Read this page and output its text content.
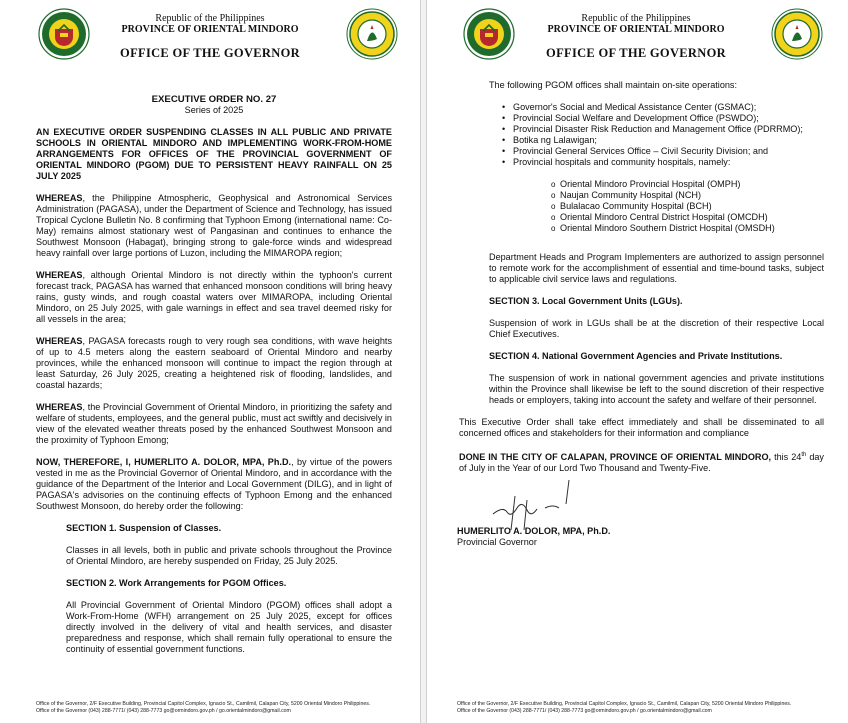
Republic of the Philippines
PROVINCE OF ORIENTAL MINDORO
OFFICE OF THE GOVERNOR

EXECUTIVE ORDER NO. 27

Series of 2025

AN EXECUTIVE ORDER SUSPENDING CLASSES IN ALL PUBLIC AND PRIVATE SCHOOLS IN ORIENTAL MINDORO AND IMPLEMENTING WORK-FROM-HOME ARRANGEMENTS FOR OFFICES OF THE PROVINCIAL GOVERNMENT OF ORIENTAL MINDORO (PGOM) DUE TO PERSISTENT HEAVY RAINFALL ON 25 JULY 2025

WHEREAS, the Philippine Atmospheric, Geophysical and Astronomical Services Administration (PAGASA), under the Department of Science and Technology, has issued Tropical Cyclone Bulletin No. 8 confirming that Typhoon Emong (international name: Co-May) remains almost stationary west of Pangasinan and continues to enhance the Southwest Monsoon (Habagat), bringing strong to gale-force winds and widespread heavy rainfall over large portions of Luzon, including the MIMAROPA region;

WHEREAS, although Oriental Mindoro is not directly within the typhoon's current forecast track, PAGASA has warned that enhanced monsoon conditions will bring heavy rains, gusty winds, and rough coastal waters over MIMAROPA, including Oriental Mindoro, on 25 July 2025, with gale warnings in effect and sea travel deemed risky for all vessels in the area;

WHEREAS, PAGASA forecasts rough to very rough sea conditions, with wave heights of up to 4.5 meters along the eastern seaboard of Oriental Mindoro and nearby provinces, while the enhanced monsoon will continue to impact the region through at least Saturday, 26 July 2025, creating a heightened risk of flooding, landslides, and coastal hazards;

WHEREAS, the Provincial Government of Oriental Mindoro, in prioritizing the safety and welfare of students, employees, and the general public, must act swiftly and decisively in view of the elevated weather threats posed by the enhanced Southwest Monsoon and the proximity of Typhoon Emong;

NOW, THEREFORE, I, HUMERLITO A. DOLOR, MPA, Ph.D., by virtue of the powers vested in me as the Provincial Governor of Oriental Mindoro, and in accordance with the guidance of the Department of the Interior and Local Government (DILG), and in light of PAGASA's advisories on the continuing effects of Typhoon Emong and the enhanced Southwest Monsoon, do hereby order the following:

SECTION 1. Suspension of Classes.

Classes in all levels, both in public and private schools throughout the Province of Oriental Mindoro, are hereby suspended on Friday, 25 July 2025.

SECTION 2. Work Arrangements for PGOM Offices.

All Provincial Government of Oriental Mindoro (PGOM) offices shall adopt a Work-From-Home (WFH) arrangement on 25 July 2025, except for offices directly involved in the delivery of vital and health services, and disaster preparedness and response, which shall remain fully operational to ensure the continuity of essential government functions.

Office of the Governor, 2/F Executive Building, Provincial Capitol Complex, Ignacio St., Camilmil, Calapan City, 5200 Oriental Mindoro Philippines.
Office of the Governor (043) 288-7771/ (043) 288-7773 go@ormindoro.gov.ph / go.orientalmindoro@gmail.com
Republic of the Philippines
PROVINCE OF ORIENTAL MINDORO
OFFICE OF THE GOVERNOR

The following PGOM offices shall maintain on-site operations:

• Governor's Social and Medical Assistance Center (GSMAC);
• Provincial Social Welfare and Development Office (PSWDO);
• Provincial Disaster Risk Reduction and Management Office (PDRRMO);
• Botika ng Lalawigan;
• Provincial General Services Office – Civil Security Division; and
• Provincial hospitals and community hospitals, namely:
o Oriental Mindoro Provincial Hospital (OMPH)
o Naujan Community Hospital (NCH)
o Bulalacao Community Hospital (BCH)
o Oriental Mindoro Central District Hospital (OMCDH)
o Oriental Mindoro Southern District Hospital (OMSDH)

Department Heads and Program Implementers are authorized to assign personnel to remote work for the accomplishment of essential and time-bound tasks, subject to applicable civil service laws and regulations.

SECTION 3. Local Government Units (LGUs).

Suspension of work in LGUs shall be at the discretion of their respective Local Chief Executives.

SECTION 4. National Government Agencies and Private Institutions.

The suspension of work in national government agencies and private institutions within the Province shall likewise be left to the sound discretion of their respective heads or employers, taking into account the safety and welfare of their personnel.

This Executive Order shall take effect immediately and shall be disseminated to all concerned offices and stakeholders for their information and compliance

DONE IN THE CITY OF CALAPAN, PROVINCE OF ORIENTAL MINDORO, this 24th day of July in the Year of our Lord Two Thousand and Twenty-Five.

HUMERLITO A. DOLOR, MPA, Ph.D.
Provincial Governor
Office of the Governor, 2/F Executive Building, Provincial Capitol Complex, Ignacio St., Camilmil, Calapan City, 5200 Oriental Mindoro Philippines.
Office of the Governor (043) 288-7771/ (043) 288-7773 go@ormindoro.gov.ph / go.orientalmindoro@gmail.com
